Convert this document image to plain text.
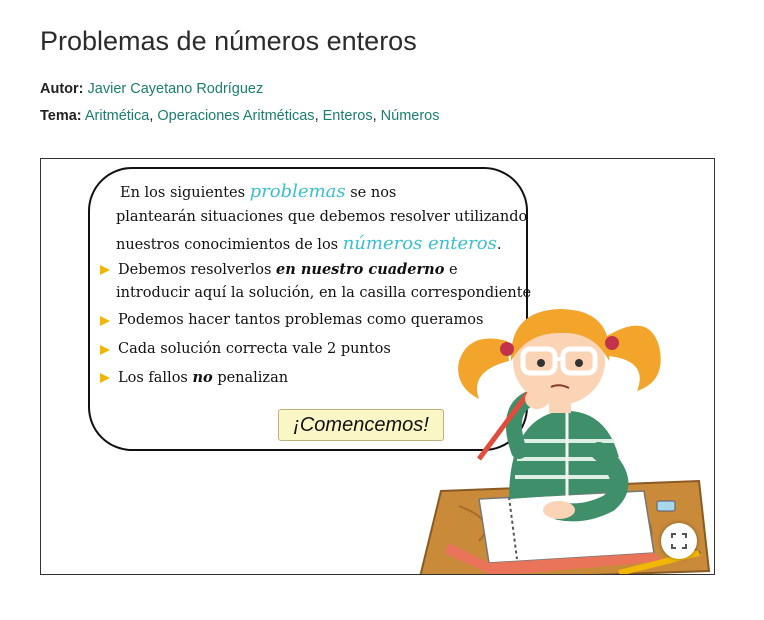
Problemas de números enteros
Autor: Javier Cayetano Rodríguez
Tema: Aritmética, Operaciones Aritméticas, Enteros, Números
En los siguientes problemas se nos
plantearán situaciones que debemos resolver utilizando
nuestros conocimientos de los números enteros.
Debemos resolverlos en nuestro cuaderno e
introducir aquí la solución, en la casilla correspondiente
Podemos hacer tantos problemas como queramos
Cada solución correcta vale 2 puntos
Los fallos no penalizan
¡Comencemos!
